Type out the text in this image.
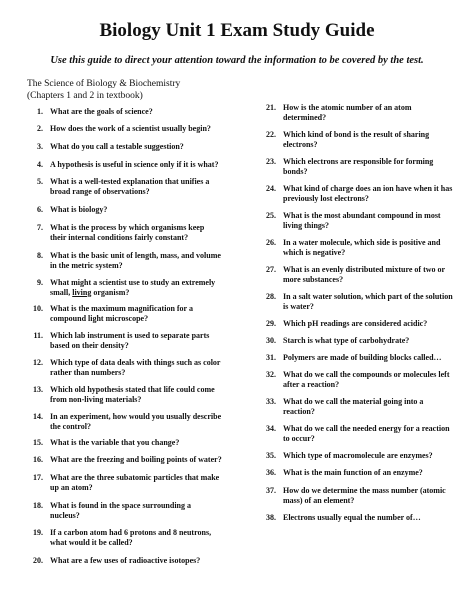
Biology Unit 1 Exam Study Guide
Use this guide to direct your attention toward the information to be covered by the test.
The Science of Biology & Biochemistry
(Chapters 1 and 2 in textbook)
1. What are the goals of science?
2. How does the work of a scientist usually begin?
3. What do you call a testable suggestion?
4. A hypothesis is useful in science only if it is what?
5. What is a well-tested explanation that unifies a
broad range of observations?
6. What is biology?
7. What is the process by which organisms keep
their internal conditions fairly constant?
8. What is the basic unit of length, mass, and volume
in the metric system?
9. What might a scientist use to study an extremely
small, living organism?
10. What is the maximum magnification for a
compound light microscope?
11. Which lab instrument is used to separate parts
based on their density?
12. Which type of data deals with things such as color
rather than numbers?
13. Which old hypothesis stated that life could come
from non-living materials?
14. In an experiment, how would you usually describe
the control?
15. What is the variable that you change?
16. What are the freezing and boiling points of water?
17. What are the three subatomic particles that make
up an atom?
18. What is found in the space surrounding a
nucleus?
19. If a carbon atom had 6 protons and 8 neutrons,
what would it be called?
20. What are a few uses of radioactive isotopes?
21. How is the atomic number of an atom
determined?
22. Which kind of bond is the result of sharing
electrons?
23. Which electrons are responsible for forming
bonds?
24. What kind of charge does an ion have when it has
previously lost electrons?
25. What is the most abundant compound in most
living things?
26. In a water molecule, which side is positive and
which is negative?
27. What is an evenly distributed mixture of two or
more substances?
28. In a salt water solution, which part of the solution
is water?
29. Which pH readings are considered acidic?
30. Starch is what type of carbohydrate?
31. Polymers are made of building blocks called…
32. What do we call the compounds or molecules left
after a reaction?
33. What do we call the material going into a
reaction?
34. What do we call the needed energy for a reaction
to occur?
35. Which type of macromolecule are enzymes?
36. What is the main function of an enzyme?
37. How do we determine the mass number (atomic
mass) of an element?
38. Electrons usually equal the number of…
